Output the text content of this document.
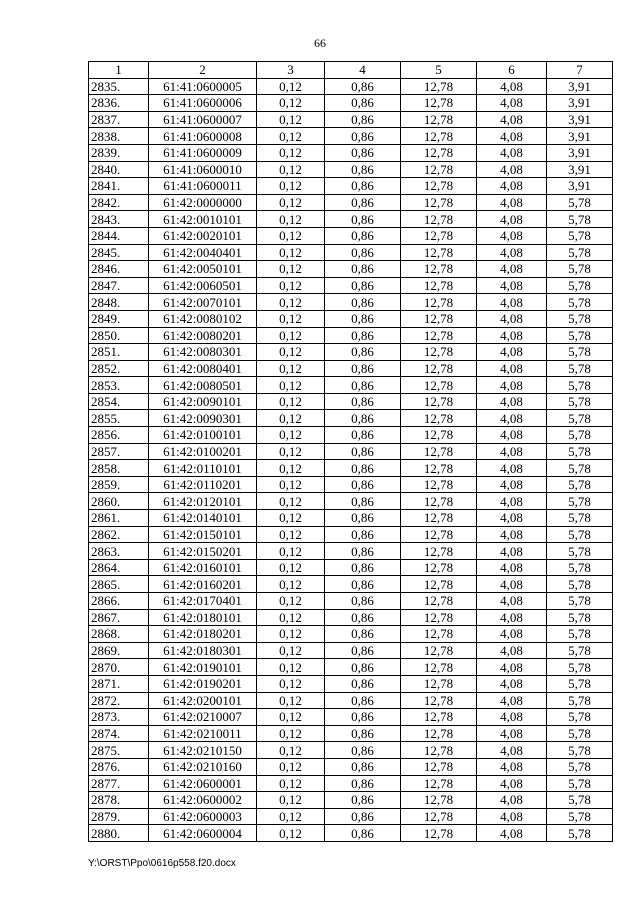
66
1	2	3	4	5	6	7
2835.	61:41:0600005	0,12	0,86	12,78	4,08	3,91
2836.	61:41:0600006	0,12	0,86	12,78	4,08	3,91
2837.	61:41:0600007	0,12	0,86	12,78	4,08	3,91
2838.	61:41:0600008	0,12	0,86	12,78	4,08	3,91
2839.	61:41:0600009	0,12	0,86	12,78	4,08	3,91
2840.	61:41:0600010	0,12	0,86	12,78	4,08	3,91
2841.	61:41:0600011	0,12	0,86	12,78	4,08	3,91
2842.	61:42:0000000	0,12	0,86	12,78	4,08	5,78
2843.	61:42:0010101	0,12	0,86	12,78	4,08	5,78
2844.	61:42:0020101	0,12	0,86	12,78	4,08	5,78
2845.	61:42:0040401	0,12	0,86	12,78	4,08	5,78
2846.	61:42:0050101	0,12	0,86	12,78	4,08	5,78
2847.	61:42:0060501	0,12	0,86	12,78	4,08	5,78
2848.	61:42:0070101	0,12	0,86	12,78	4,08	5,78
2849.	61:42:0080102	0,12	0,86	12,78	4,08	5,78
2850.	61:42:0080201	0,12	0,86	12,78	4,08	5,78
2851.	61:42:0080301	0,12	0,86	12,78	4,08	5,78
2852.	61:42:0080401	0,12	0,86	12,78	4,08	5,78
2853.	61:42:0080501	0,12	0,86	12,78	4,08	5,78
2854.	61:42:0090101	0,12	0,86	12,78	4,08	5,78
2855.	61:42:0090301	0,12	0,86	12,78	4,08	5,78
2856.	61:42:0100101	0,12	0,86	12,78	4,08	5,78
2857.	61:42:0100201	0,12	0,86	12,78	4,08	5,78
2858.	61:42:0110101	0,12	0,86	12,78	4,08	5,78
2859.	61:42:0110201	0,12	0,86	12,78	4,08	5,78
2860.	61:42:0120101	0,12	0,86	12,78	4,08	5,78
2861.	61:42:0140101	0,12	0,86	12,78	4,08	5,78
2862.	61:42:0150101	0,12	0,86	12,78	4,08	5,78
2863.	61:42:0150201	0,12	0,86	12,78	4,08	5,78
2864.	61:42:0160101	0,12	0,86	12,78	4,08	5,78
2865.	61:42:0160201	0,12	0,86	12,78	4,08	5,78
2866.	61:42:0170401	0,12	0,86	12,78	4,08	5,78
2867.	61:42:0180101	0,12	0,86	12,78	4,08	5,78
2868.	61:42:0180201	0,12	0,86	12,78	4,08	5,78
2869.	61:42:0180301	0,12	0,86	12,78	4,08	5,78
2870.	61:42:0190101	0,12	0,86	12,78	4,08	5,78
2871.	61:42:0190201	0,12	0,86	12,78	4,08	5,78
2872.	61:42:0200101	0,12	0,86	12,78	4,08	5,78
2873.	61:42:0210007	0,12	0,86	12,78	4,08	5,78
2874.	61:42:0210011	0,12	0,86	12,78	4,08	5,78
2875.	61:42:0210150	0,12	0,86	12,78	4,08	5,78
2876.	61:42:0210160	0,12	0,86	12,78	4,08	5,78
2877.	61:42:0600001	0,12	0,86	12,78	4,08	5,78
2878.	61:42:0600002	0,12	0,86	12,78	4,08	5,78
2879.	61:42:0600003	0,12	0,86	12,78	4,08	5,78
2880.	61:42:0600004	0,12	0,86	12,78	4,08	5,78
Y:\ORST\Ppo\0616p558.f20.docx
